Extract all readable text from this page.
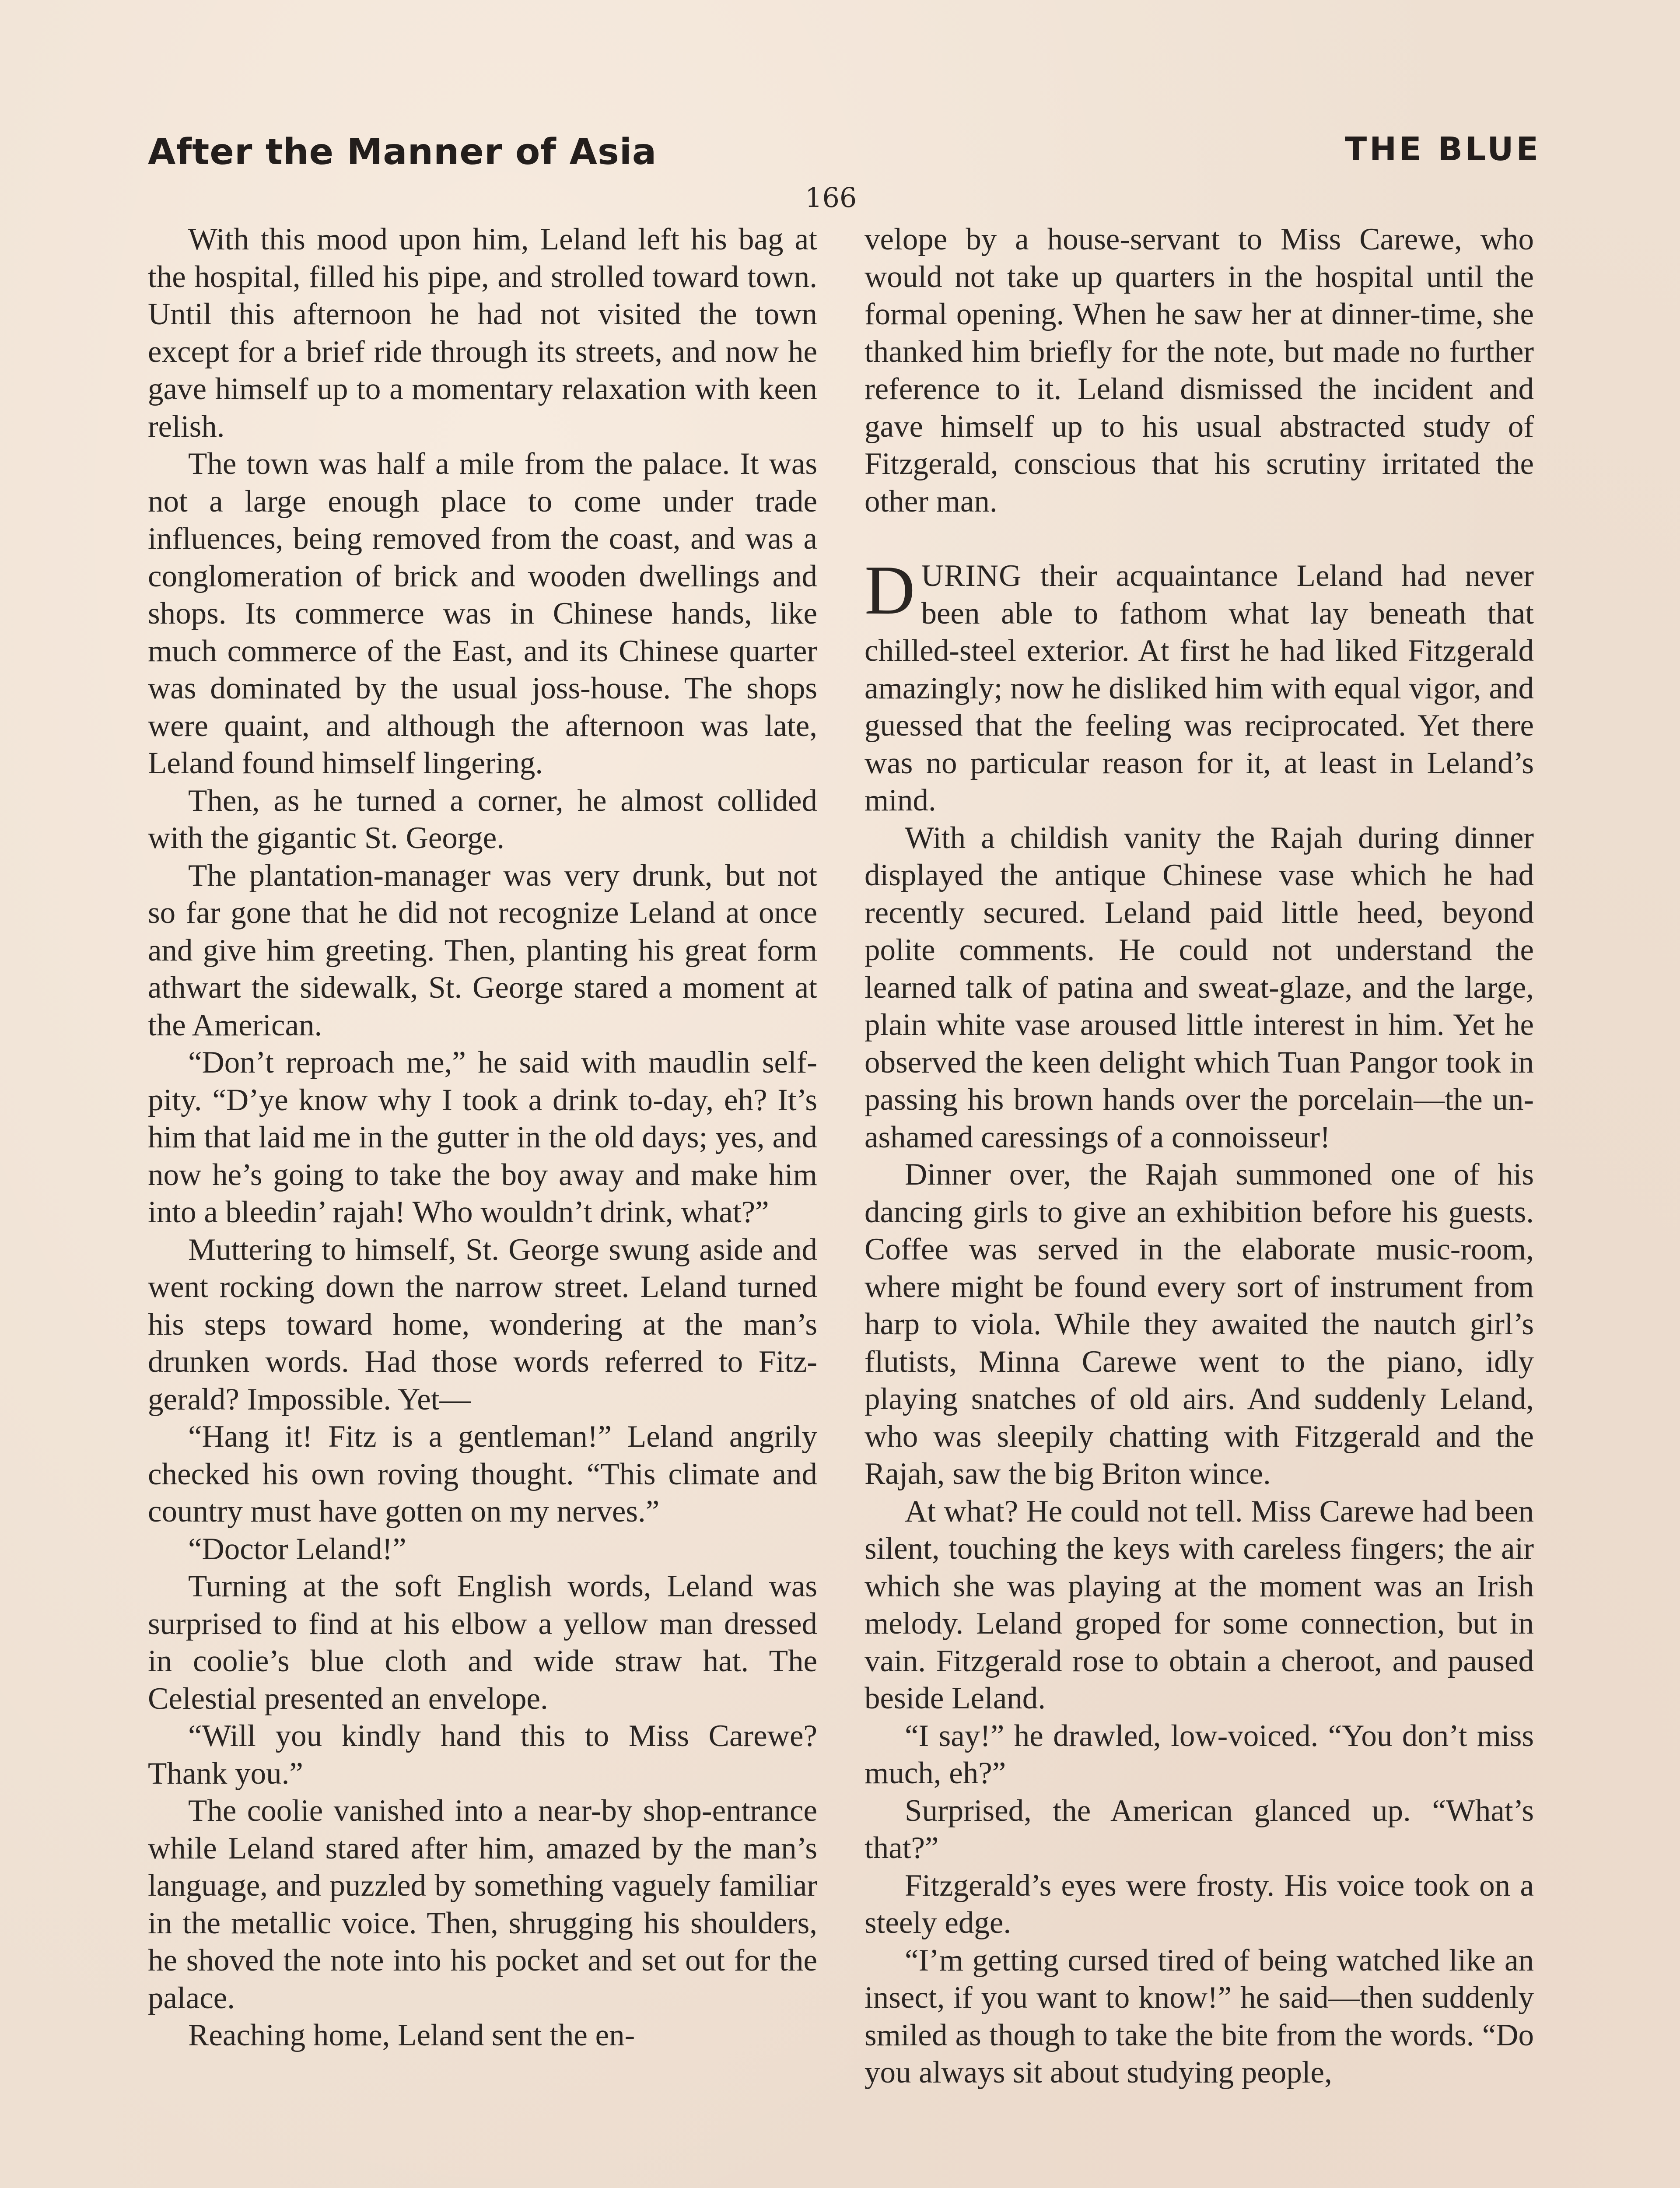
After the Manner of Asia	THE BLUE
166

With this mood upon him, Leland left his bag at the hospital, filled his pipe, and strolled toward town. Until this afternoon he had not visited the town except for a brief ride through its streets, and now he gave himself up to a momentary relaxation with keen relish.

The town was half a mile from the palace. It was not a large enough place to come under trade influences, being removed from the coast, and was a conglomeration of brick and wooden dwellings and shops. Its commerce was in Chinese hands, like much commerce of the East, and its Chinese quarter was dominated by the usual joss-house. The shops were quaint, and although the afternoon was late, Leland found himself lingering.

Then, as he turned a corner, he almost collided with the gigantic St. George.

The plantation-manager was very drunk, but not so far gone that he did not recognize Leland at once and give him greeting. Then, planting his great form athwart the sidewalk, St. George stared a moment at the American.

“Don’t reproach me,” he said with maudlin self-pity. “D’ye know why I took a drink to-day, eh? It’s him that laid me in the gutter in the old days; yes, and now he’s going to take the boy away and make him into a bleedin’ rajah! Who wouldn’t drink, what?”

Muttering to himself, St. George swung aside and went rocking down the narrow street. Leland turned his steps toward home, wondering at the man’s drunken words. Had those words referred to Fitzgerald? Impossible. Yet—

“Hang it! Fitz is a gentleman!” Leland angrily checked his own roving thought. “This climate and country must have gotten on my nerves.”

“Doctor Leland!”

Turning at the soft English words, Leland was surprised to find at his elbow a yellow man dressed in coolie’s blue cloth and wide straw hat. The Celestial presented an envelope.

“Will you kindly hand this to Miss Carewe? Thank you.”

The coolie vanished into a near-by shop-entrance while Leland stared after him, amazed by the man’s language, and puzzled by something vaguely familiar in the metallic voice. Then, shrugging his shoulders, he shoved the note into his pocket and set out for the palace.

Reaching home, Leland sent the en-

velope by a house-servant to Miss Carewe, who would not take up quarters in the hospital until the formal opening. When he saw her at dinner-time, she thanked him briefly for the note, but made no further reference to it. Leland dismissed the incident and gave himself up to his usual abstracted study of Fitzgerald, conscious that his scrutiny irritated the other man.

DURING their acquaintance Leland had never been able to fathom what lay beneath that chilled-steel exterior. At first he had liked Fitzgerald amazingly; now he disliked him with equal vigor, and guessed that the feeling was reciprocated. Yet there was no particular reason for it, at least in Leland’s mind.

With a childish vanity the Rajah during dinner displayed the antique Chinese vase which he had recently secured. Leland paid little heed, beyond polite comments. He could not understand the learned talk of patina and sweat-glaze, and the large, plain white vase aroused little interest in him. Yet he observed the keen delight which Tuan Pangor took in passing his brown hands over the porcelain—the unashamed caressings of a connoisseur!

Dinner over, the Rajah summoned one of his dancing girls to give an exhibition before his guests. Coffee was served in the elaborate music-room, where might be found every sort of instrument from harp to viola. While they awaited the nautch girl’s flutists, Minna Carewe went to the piano, idly playing snatches of old airs. And suddenly Leland, who was sleepily chatting with Fitzgerald and the Rajah, saw the big Briton wince.

At what? He could not tell. Miss Carewe had been silent, touching the keys with careless fingers; the air which she was playing at the moment was an Irish melody. Leland groped for some connection, but in vain. Fitzgerald rose to obtain a cheroot, and paused beside Leland.

“I say!” he drawled, low-voiced. “You don’t miss much, eh?”

Surprised, the American glanced up. “What’s that?”

Fitzgerald’s eyes were frosty. His voice took on a steely edge.

“I’m getting cursed tired of being watched like an insect, if you want to know!” he said—then suddenly smiled as though to take the bite from the words. “Do you always sit about studying people,
